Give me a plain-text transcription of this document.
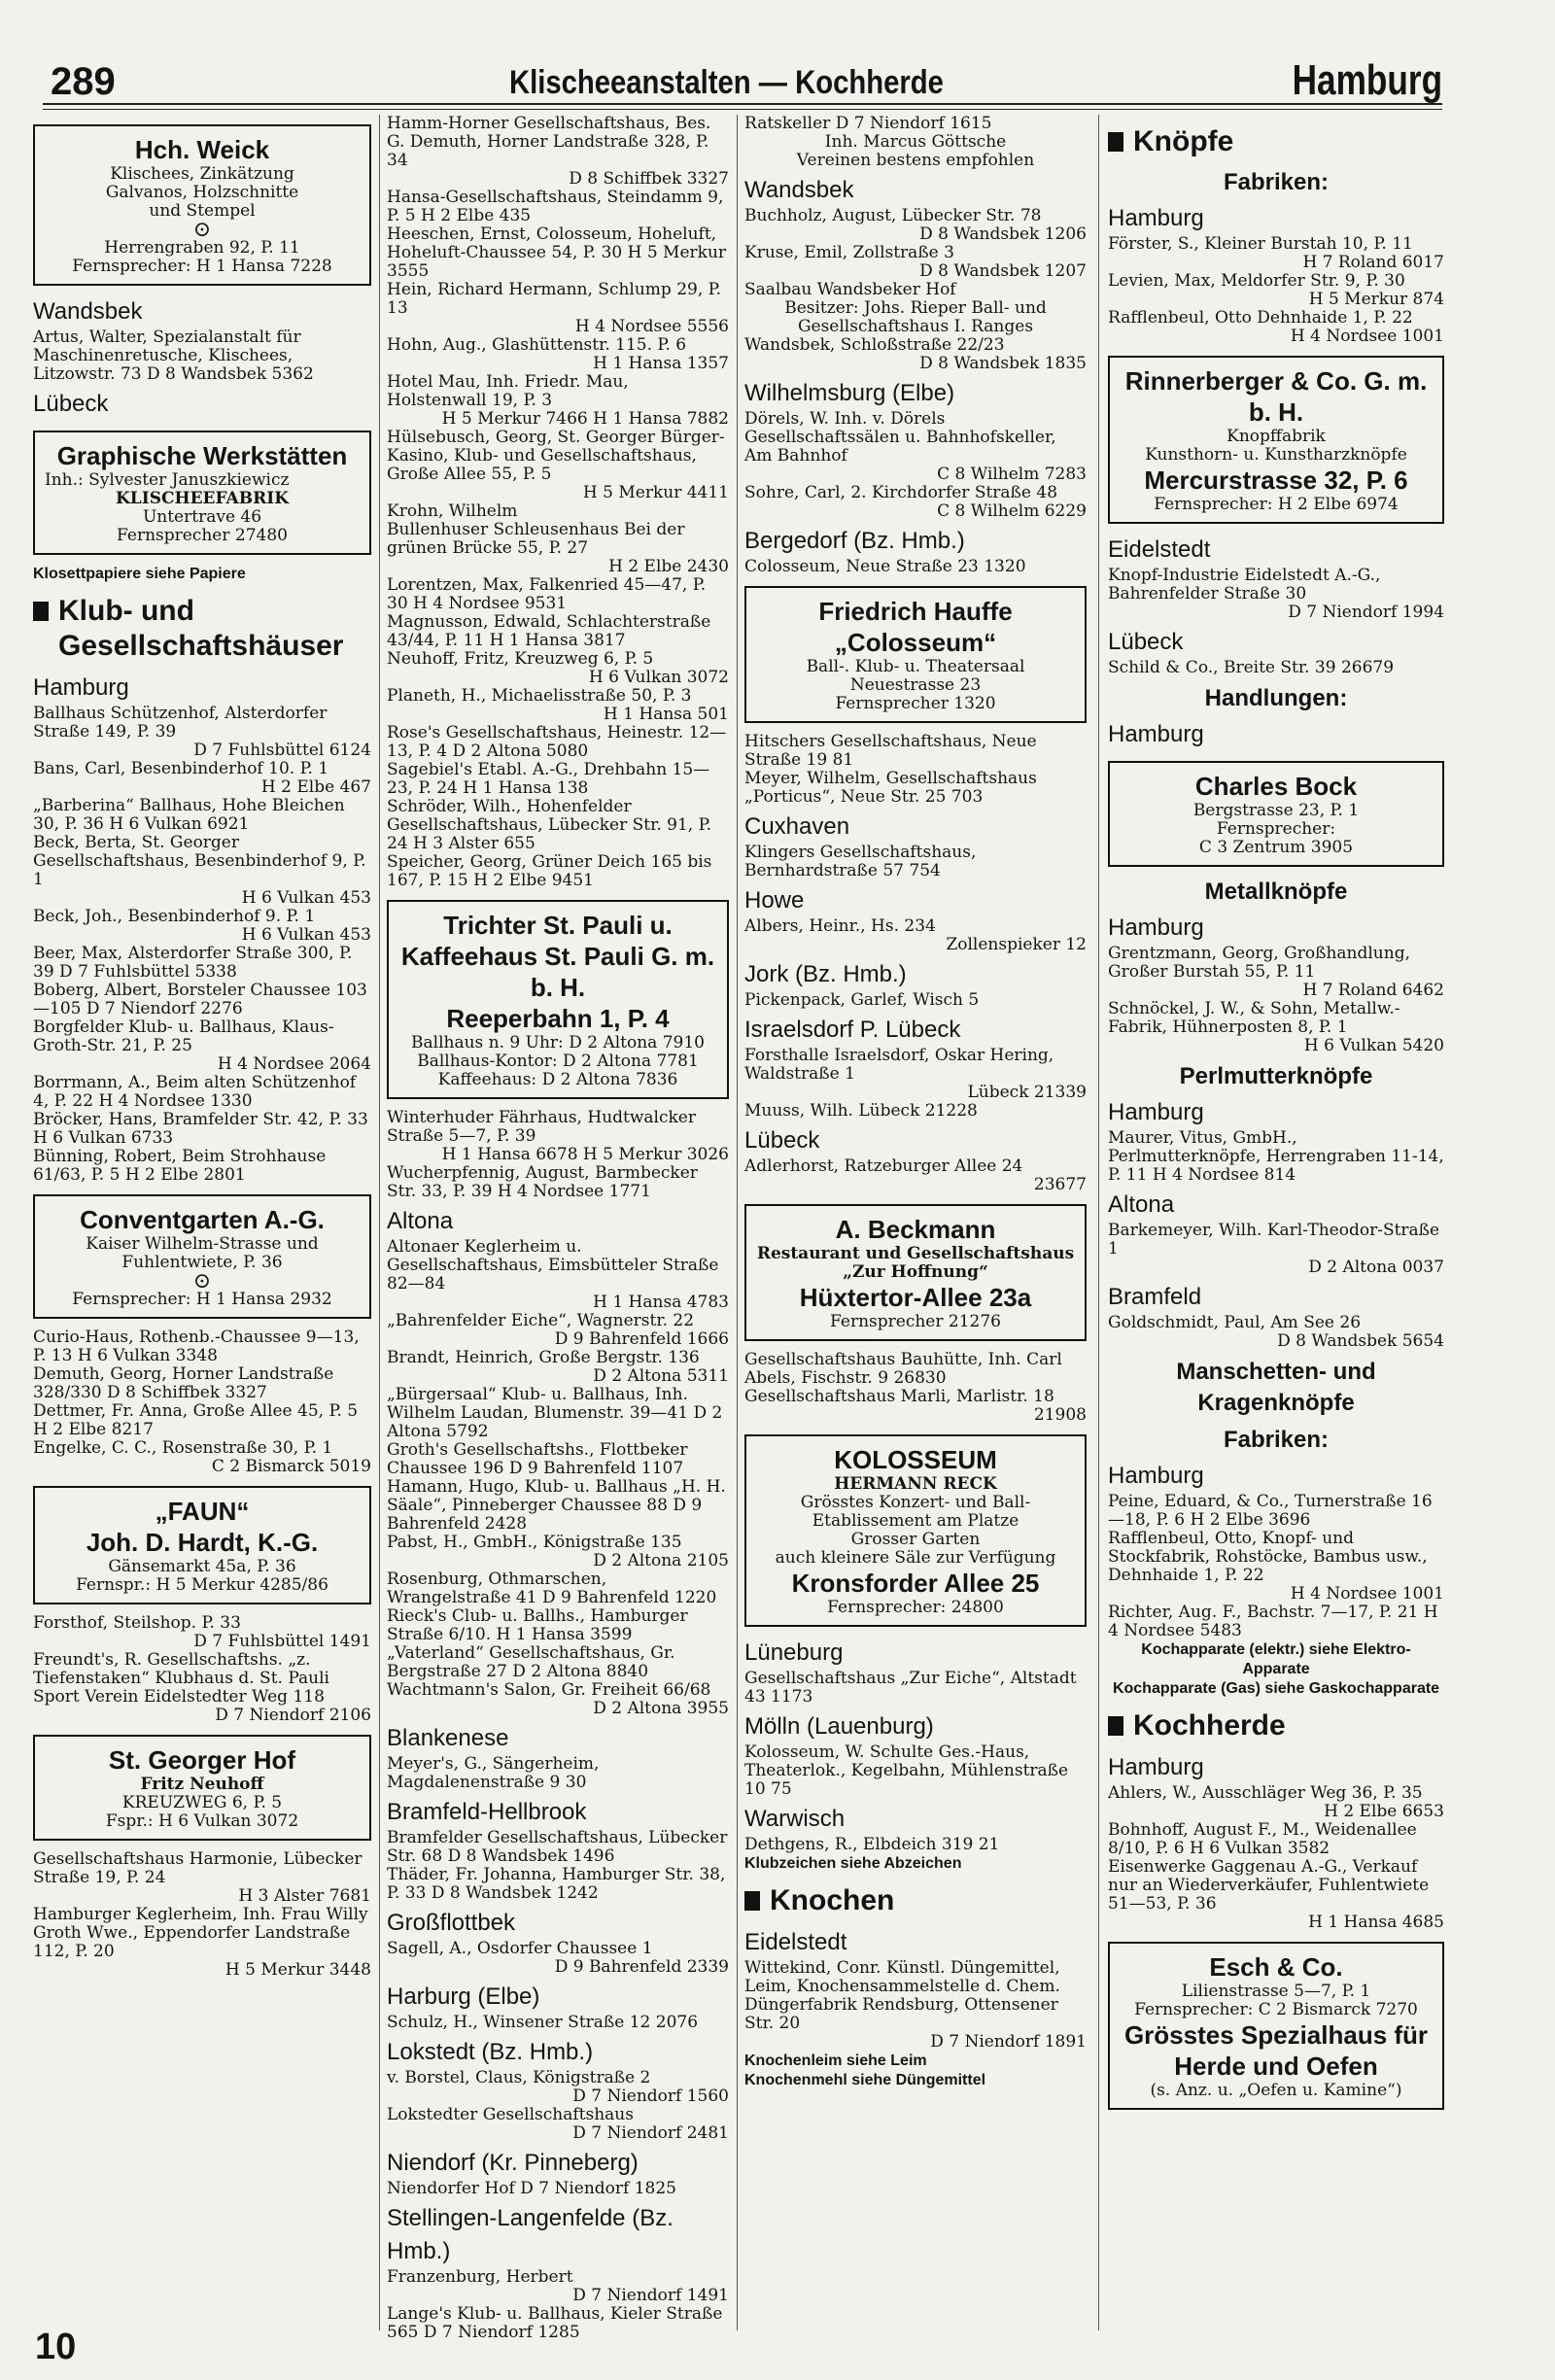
289	Klischeeanstalten — Kochherde	Hamburg
Hch. Weick
Klischees, Zinkätzung
Galvanos, Holzschnitte
und Stempel
⊙
Herrengraben 92, P. 11
Fernsprecher: H 1 Hansa 7228
Wandsbek
Artus, Walter, Spezialanstalt für Maschinenretusche, Klischees, Litzowstr. 73 D 8 Wandsbek 5362
Lübeck
Graphische Werkstätten
Inh.: Sylvester Januszkiewicz
KLISCHEEFABRIK
Untertrave 46
Fernsprecher 27480
Klosettpapiere siehe Papiere
Klub- und Gesellschaftshäuser
Hamburg
Ballhaus Schützenhof, Alsterdorfer Straße 149, P. 39
D 7 Fuhlsbüttel 6124
Bans, Carl, Besenbinderhof 10. P. 1
H 2 Elbe 467
„Barberina“ Ballhaus, Hohe Bleichen 30, P. 36 H 6 Vulkan 6921
Beck, Berta, St. Georger Gesellschaftshaus, Besenbinderhof 9, P. 1
H 6 Vulkan 453
Beck, Joh., Besenbinderhof 9. P. 1
H 6 Vulkan 453
Beer, Max, Alsterdorfer Straße 300, P. 39 D 7 Fuhlsbüttel 5338
Boberg, Albert, Borsteler Chaussee 103—105 D 7 Niendorf 2276
Borgfelder Klub- u. Ballhaus, Klaus-Groth-Str. 21, P. 25
H 4 Nordsee 2064
Borrmann, A., Beim alten Schützenhof 4, P. 22 H 4 Nordsee 1330
Bröcker, Hans, Bramfelder Str. 42, P. 33 H 6 Vulkan 6733
Bünning, Robert, Beim Strohhause 61/63, P. 5 H 2 Elbe 2801
Conventgarten A.-G.
Kaiser Wilhelm-Strasse und
Fuhlentwiete, P. 36
⊙
Fernsprecher: H 1 Hansa 2932
Curio-Haus, Rothenb.-Chaussee 9—13, P. 13 H 6 Vulkan 3348
Demuth, Georg, Horner Landstraße 328/330 D 8 Schiffbek 3327
Dettmer, Fr. Anna, Große Allee 45, P. 5 H 2 Elbe 8217
Engelke, C. C., Rosenstraße 30, P. 1
C 2 Bismarck 5019
„FAUN“
Joh. D. Hardt, K.-G.
Gänsemarkt 45a, P. 36
Fernspr.: H 5 Merkur 4285/86
Forsthof, Steilshop. P. 33
D 7 Fuhlsbüttel 1491
Freundt's, R. Gesellschaftshs. „z. Tiefenstaken“ Klubhaus d. St. Pauli Sport Verein Eidelstedter Weg 118
D 7 Niendorf 2106
St. Georger Hof
Fritz Neuhoff
KREUZWEG 6, P. 5
Fspr.: H 6 Vulkan 3072
Gesellschaftshaus Harmonie, Lübecker Straße 19, P. 24
H 3 Alster 7681
Hamburger Keglerheim, Inh. Frau Willy Groth Wwe., Eppendorfer Landstraße 112, P. 20
H 5 Merkur 3448
Hamm-Horner Gesellschaftshaus, Bes. G. Demuth, Horner Landstraße 328, P. 34
D 8 Schiffbek 3327
Hansa-Gesellschaftshaus, Steindamm 9, P. 5 H 2 Elbe 435
Heeschen, Ernst, Colosseum, Hoheluft, Hoheluft-Chaussee 54, P. 30 H 5 Merkur 3555
Hein, Richard Hermann, Schlump 29, P. 13
H 4 Nordsee 5556
Hohn, Aug., Glashüttenstr. 115. P. 6
H 1 Hansa 1357
Hotel Mau, Inh. Friedr. Mau, Holstenwall 19, P. 3
H 5 Merkur 7466 H 1 Hansa 7882
Hülsebusch, Georg, St. Georger Bürger-Kasino, Klub- und Gesellschaftshaus, Große Allee 55, P. 5
H 5 Merkur 4411
Krohn, Wilhelm
Bullenhuser Schleusenhaus Bei der grünen Brücke 55, P. 27
H 2 Elbe 2430
Lorentzen, Max, Falkenried 45—47, P. 30 H 4 Nordsee 9531
Magnusson, Edwald, Schlachterstraße 43/44, P. 11 H 1 Hansa 3817
Neuhoff, Fritz, Kreuzweg 6, P. 5
H 6 Vulkan 3072
Planeth, H., Michaelisstraße 50, P. 3
H 1 Hansa 501
Rose's Gesellschaftshaus, Heinestr. 12—13, P. 4 D 2 Altona 5080
Sagebiel's Etabl. A.-G., Drehbahn 15—23, P. 24 H 1 Hansa 138
Schröder, Wilh., Hohenfelder Gesellschaftshaus, Lübecker Str. 91, P. 24 H 3 Alster 655
Speicher, Georg, Grüner Deich 165 bis 167, P. 15 H 2 Elbe 9451
Trichter St. Pauli u.
Kaffeehaus St. Pauli G. m. b. H.
Reeperbahn 1, P. 4
Ballhaus n. 9 Uhr: D 2 Altona 7910
Ballhaus-Kontor: D 2 Altona 7781
Kaffeehaus: D 2 Altona 7836
Winterhuder Fährhaus, Hudtwalcker Straße 5—7, P. 39
H 1 Hansa 6678 H 5 Merkur 3026
Wucherpfennig, August, Barmbecker Str. 33, P. 39 H 4 Nordsee 1771
Altona
Altonaer Keglerheim u. Gesellschaftshaus, Eimsbütteler Straße 82—84
H 1 Hansa 4783
„Bahrenfelder Eiche“, Wagnerstr. 22
D 9 Bahrenfeld 1666
Brandt, Heinrich, Große Bergstr. 136
D 2 Altona 5311
„Bürgersaal“ Klub- u. Ballhaus, Inh. Wilhelm Laudan, Blumenstr. 39—41 D 2 Altona 5792
Groth's Gesellschaftshs., Flottbeker Chaussee 196 D 9 Bahrenfeld 1107
Hamann, Hugo, Klub- u. Ballhaus „H. H. Säale“, Pinneberger Chaussee 88 D 9 Bahrenfeld 2428
Pabst, H., GmbH., Königstraße 135
D 2 Altona 2105
Rosenburg, Othmarschen, Wrangelstraße 41 D 9 Bahrenfeld 1220
Rieck's Club- u. Ballhs., Hamburger Straße 6/10. H 1 Hansa 3599
„Vaterland“ Gesellschaftshaus, Gr. Bergstraße 27 D 2 Altona 8840
Wachtmann's Salon, Gr. Freiheit 66/68
D 2 Altona 3955
Blankenese
Meyer's, G., Sängerheim, Magdalenenstraße 9 30
Bramfeld-Hellbrook
Bramfelder Gesellschaftshaus, Lübecker Str. 68 D 8 Wandsbek 1496
Thäder, Fr. Johanna, Hamburger Str. 38, P. 33 D 8 Wandsbek 1242
Großflottbek
Sagell, A., Osdorfer Chaussee 1
D 9 Bahrenfeld 2339
Harburg (Elbe)
Schulz, H., Winsener Straße 12 2076
Lokstedt (Bz. Hmb.)
v. Borstel, Claus, Königstraße 2
D 7 Niendorf 1560
Lokstedter Gesellschaftshaus
D 7 Niendorf 2481
Niendorf (Kr. Pinneberg)
Niendorfer Hof D 7 Niendorf 1825
Stellingen-Langenfelde (Bz. Hmb.)
Franzenburg, Herbert
D 7 Niendorf 1491
Lange's Klub- u. Ballhaus, Kieler Straße 565 D 7 Niendorf 1285
Ratskeller D 7 Niendorf 1615
Inh. Marcus Göttsche
Vereinen bestens empfohlen
Wandsbek
Buchholz, August, Lübecker Str. 78
D 8 Wandsbek 1206
Kruse, Emil, Zollstraße 3
D 8 Wandsbek 1207
Saalbau Wandsbeker Hof
Besitzer: Johs. Rieper Ball- und Gesellschaftshaus I. Ranges
Wandsbek, Schloßstraße 22/23
D 8 Wandsbek 1835
Wilhelmsburg (Elbe)
Dörels, W. Inh. v. Dörels Gesellschaftssälen u. Bahnhofskeller, Am Bahnhof
C 8 Wilhelm 7283
Sohre, Carl, 2. Kirchdorfer Straße 48
C 8 Wilhelm 6229
Bergedorf (Bz. Hmb.)
Colosseum, Neue Straße 23 1320
Friedrich Hauffe
„Colosseum“
Ball-. Klub- u. Theatersaal
Neuestrasse 23
Fernsprecher 1320
Hitschers Gesellschaftshaus, Neue Straße 19 81
Meyer, Wilhelm, Gesellschaftshaus „Porticus“, Neue Str. 25 703
Cuxhaven
Klingers Gesellschaftshaus, Bernhardstraße 57 754
Howe
Albers, Heinr., Hs. 234
Zollenspieker 12
Jork (Bz. Hmb.)
Pickenpack, Garlef, Wisch 5
Israelsdorf P. Lübeck
Forsthalle Israelsdorf, Oskar Hering, Waldstraße 1
Lübeck 21339
Muuss, Wilh. Lübeck 21228
Lübeck
Adlerhorst, Ratzeburger Allee 24
23677
A. Beckmann
Restaurant und Gesellschaftshaus „Zur Hoffnung“
Hüxtertor-Allee 23a
Fernsprecher 21276
Gesellschaftshaus Bauhütte, Inh. Carl Abels, Fischstr. 9 26830
Gesellschaftshaus Marli, Marlistr. 18
21908
KOLOSSEUM
HERMANN RECK
Grösstes Konzert- und Ball-Etablissement am Platze
Grosser Garten
auch kleinere Säle zur Verfügung
Kronsforder Allee 25
Fernsprecher: 24800
Lüneburg
Gesellschaftshaus „Zur Eiche“, Altstadt 43 1173
Mölln (Lauenburg)
Kolosseum, W. Schulte Ges.-Haus, Theaterlok., Kegelbahn, Mühlenstraße 10 75
Warwisch
Dethgens, R., Elbdeich 319 21
Klubzeichen siehe Abzeichen
Knochen
Eidelstedt
Wittekind, Conr. Künstl. Düngemittel, Leim, Knochensammelstelle d. Chem. Düngerfabrik Rendsburg, Ottensener Str. 20
D 7 Niendorf 1891
Knochenleim siehe Leim
Knochenmehl siehe Düngemittel
Knöpfe
Fabriken:
Hamburg
Förster, S., Kleiner Burstah 10, P. 11
H 7 Roland 6017
Levien, Max, Meldorfer Str. 9, P. 30
H 5 Merkur 874
Rafflenbeul, Otto Dehnhaide 1, P. 22
H 4 Nordsee 1001
Rinnerberger & Co. G. m. b. H.
Knopffabrik
Kunsthorn- u. Kunstharzknöpfe
Mercurstrasse 32, P. 6
Fernsprecher: H 2 Elbe 6974
Eidelstedt
Knopf-Industrie Eidelstedt A.-G., Bahrenfelder Straße 30
D 7 Niendorf 1994
Lübeck
Schild & Co., Breite Str. 39 26679
Handlungen:
Hamburg
Charles Bock
Bergstrasse 23, P. 1
Fernsprecher:
C 3 Zentrum 3905
Metallknöpfe
Hamburg
Grentzmann, Georg, Großhandlung, Großer Burstah 55, P. 11
H 7 Roland 6462
Schnöckel, J. W., & Sohn, Metallw.-Fabrik, Hühnerposten 8, P. 1
H 6 Vulkan 5420
Perlmutterknöpfe
Hamburg
Maurer, Vitus, GmbH., Perlmutterknöpfe, Herrengraben 11-14, P. 11 H 4 Nordsee 814
Altona
Barkemeyer, Wilh. Karl-Theodor-Straße 1
D 2 Altona 0037
Bramfeld
Goldschmidt, Paul, Am See 26
D 8 Wandsbek 5654
Manschetten- und Kragenknöpfe
Fabriken:
Hamburg
Peine, Eduard, & Co., Turnerstraße 16—18, P. 6 H 2 Elbe 3696
Rafflenbeul, Otto, Knopf- und Stockfabrik, Rohstöcke, Bambus usw., Dehnhaide 1, P. 22
H 4 Nordsee 1001
Richter, Aug. F., Bachstr. 7—17, P. 21 H 4 Nordsee 5483
Kochapparate (elektr.) siehe Elektro-Apparate
Kochapparate (Gas) siehe Gaskochapparate
Kochherde
Hamburg
Ahlers, W., Ausschläger Weg 36, P. 35
H 2 Elbe 6653
Bohnhoff, August F., M., Weidenallee 8/10, P. 6 H 6 Vulkan 3582
Eisenwerke Gaggenau A.-G., Verkauf nur an Wiederverkäufer, Fuhlentwiete 51—53, P. 36
H 1 Hansa 4685
Esch & Co.
Lilienstrasse 5—7, P. 1
Fernsprecher: C 2 Bismarck 7270
Grösstes Spezialhaus für Herde und Oefen
(s. Anz. u. „Oefen u. Kamine“)
10
